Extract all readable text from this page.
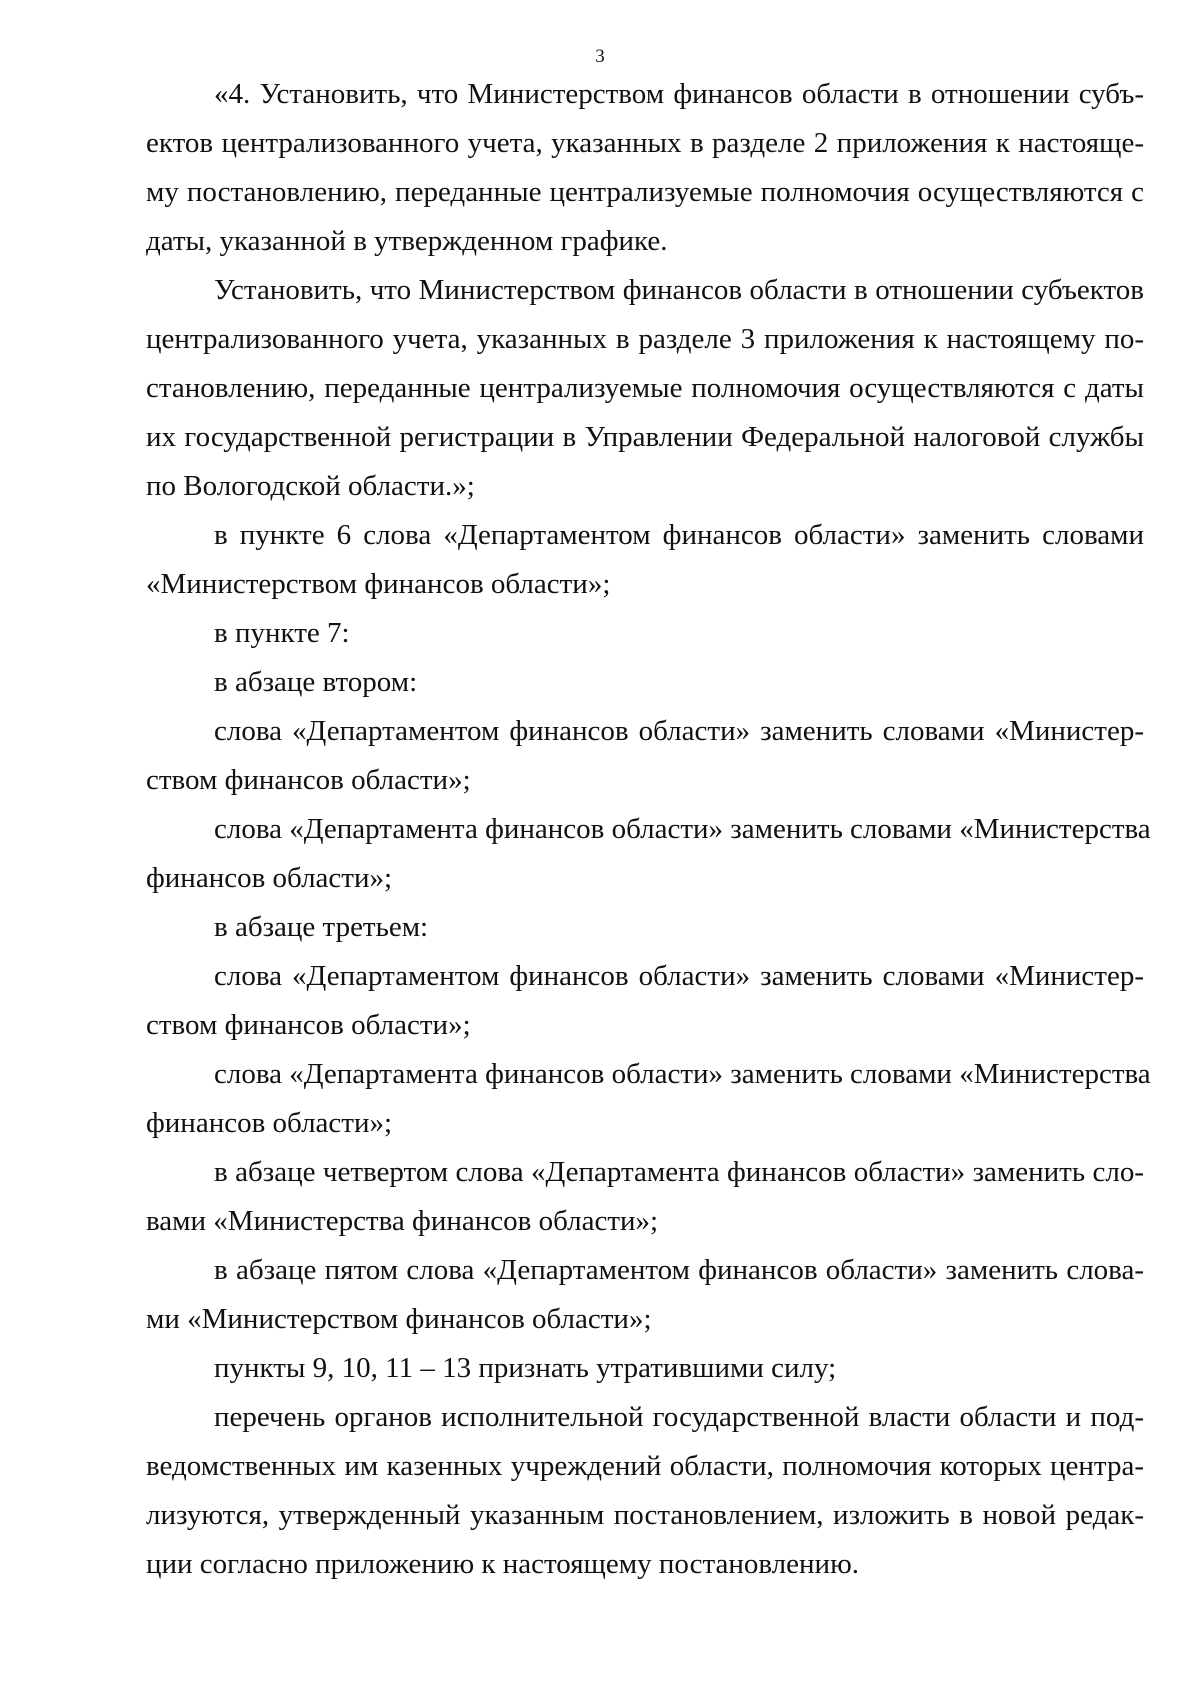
3
«4. Установить, что Министерством финансов области в отношении субъ-
ектов централизованного учета, указанных в разделе 2 приложения к настояще-
му постановлению, переданные централизуемые полномочия осуществляются с
даты, указанной в утвержденном графике.
Установить, что Министерством финансов области в отношении субъектов
централизованного учета, указанных в разделе 3 приложения к настоящему по-
становлению, переданные централизуемые полномочия осуществляются с даты
их государственной регистрации в Управлении Федеральной налоговой службы
по Вологодской области.»;
в пункте 6 слова «Департаментом финансов области» заменить словами
«Министерством финансов области»;
в пункте 7:
в абзаце втором:
слова «Департаментом финансов области» заменить словами «Министер-
ством финансов области»;
слова «Департамента финансов области» заменить словами «Министерства
финансов области»;
в абзаце третьем:
слова «Департаментом финансов области» заменить словами «Министер-
ством финансов области»;
слова «Департамента финансов области» заменить словами «Министерства
финансов области»;
в абзаце четвертом слова «Департамента финансов области» заменить сло-
вами «Министерства финансов области»;
в абзаце пятом слова «Департаментом финансов области» заменить слова-
ми «Министерством финансов области»;
пункты 9, 10, 11 – 13 признать утратившими силу;
перечень органов исполнительной государственной власти области и под-
ведомственных им казенных учреждений области, полномочия которых центра-
лизуются, утвержденный указанным постановлением, изложить в новой редак-
ции согласно приложению к настоящему постановлению.
